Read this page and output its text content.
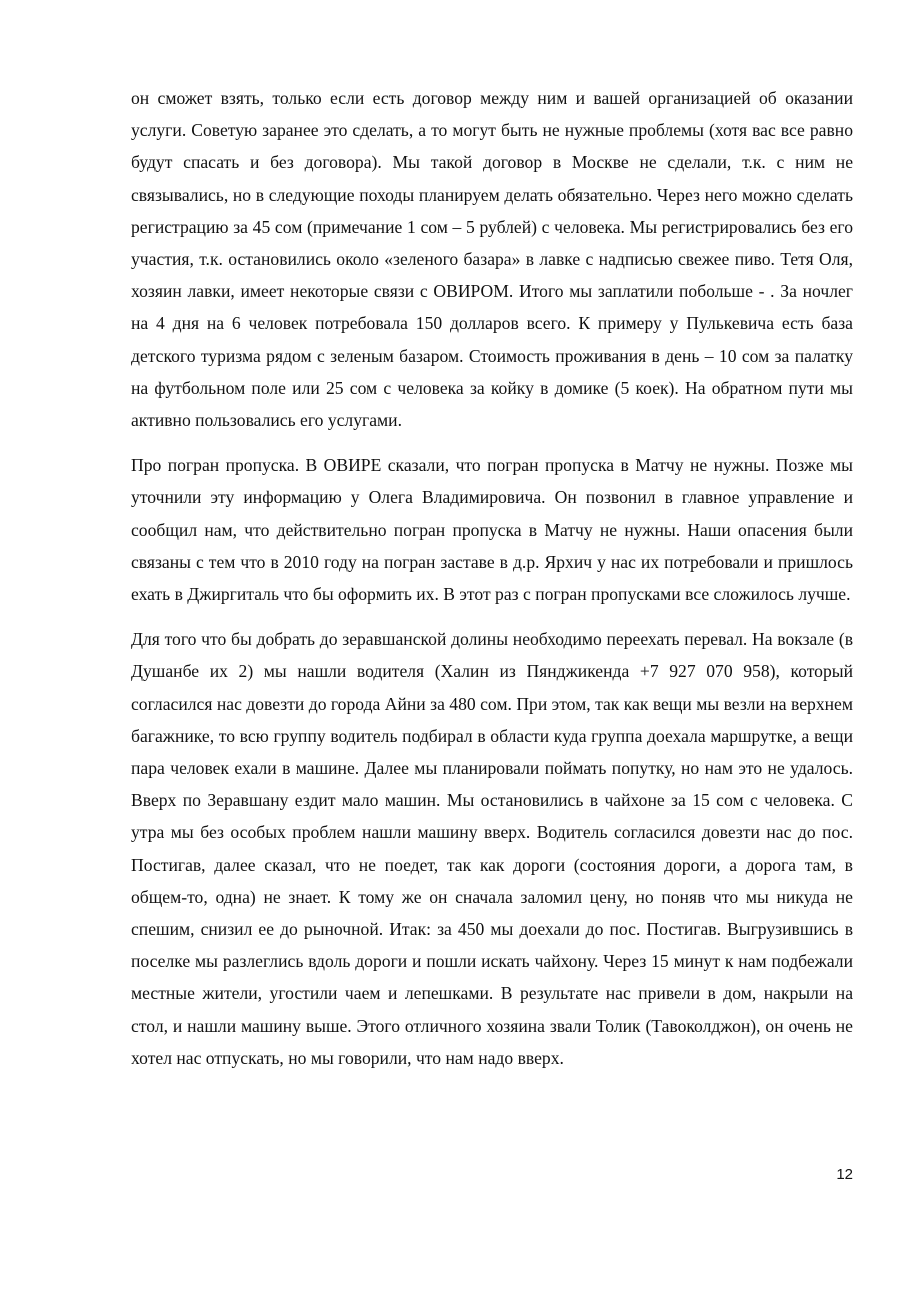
он сможет взять, только если есть договор между ним и вашей организацией об оказании услуги. Советую заранее это сделать, а то могут быть не нужные проблемы (хотя вас все равно будут спасать и без договора). Мы такой договор в Москве не сделали, т.к. с ним не связывались, но в следующие походы планируем делать обязательно. Через него можно сделать регистрацию за 45 сом (примечание 1 сом – 5 рублей) с человека. Мы регистрировались без его участия, т.к. остановились около «зеленого базара» в лавке с надписью свежее пиво. Тетя Оля, хозяин лавки, имеет некоторые связи с ОВИРОМ. Итого мы заплатили побольше - . За ночлег на 4 дня на 6 человек потребовала 150 долларов всего. К примеру у Пулькевича есть база детского туризма рядом с зеленым базаром. Стоимость проживания в день – 10 сом за палатку на футбольном поле или 25 сом с человека за койку в домике (5 коек). На обратном пути мы активно пользовались его услугами.

Про погран пропуска. В ОВИРЕ сказали, что погран пропуска в Матчу не нужны. Позже мы уточнили эту информацию у Олега Владимировича. Он позвонил в главное управление и сообщил нам, что действительно погран пропуска в Матчу не нужны. Наши опасения были связаны с тем что в 2010 году на погран заставе в д.р. Ярхич у нас их потребовали и пришлось ехать в Джиргиталь что бы оформить их. В этот раз с погран пропусками все сложилось лучше.

Для того что бы добрать до зеравшанской долины необходимо переехать перевал. На вокзале (в Душанбе их 2) мы нашли водителя (Халин из Пянджикенда +7 927 070 958), который согласился нас довезти до города Айни за 480 сом. При этом, так как вещи мы везли на верхнем багажнике, то всю группу водитель подбирал в области куда группа доехала маршрутке, а вещи пара человек ехали в машине. Далее мы планировали поймать попутку, но нам это не удалось. Вверх по Зеравшану ездит мало машин. Мы остановились в чайхоне за 15 сом с человека. С утра мы без особых проблем нашли машину вверх. Водитель согласился довезти нас до пос. Постигав, далее сказал, что не поедет, так как дороги (состояния дороги, а дорога там, в общем-то, одна) не знает. К тому же он сначала заломил цену, но поняв что мы никуда не спешим, снизил ее до рыночной. Итак: за 450 мы доехали до пос. Постигав. Выгрузившись в поселке мы разлеглись вдоль дороги и пошли искать чайхону. Через 15 минут к нам подбежали местные жители, угостили чаем и лепешками. В результате нас привели в дом, накрыли на стол, и нашли машину выше. Этого отличного хозяина звали Толик (Тавоколджон), он очень не хотел нас отпускать, но мы говорили, что нам надо вверх.

12
